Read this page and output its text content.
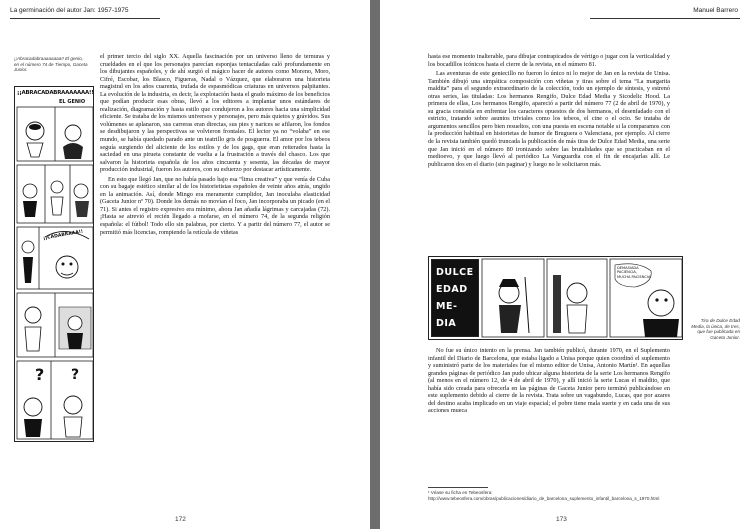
La germinación del autor Jan: 1957-1975
¡¡Abracadabraaaaaaaa!! El genio, en el número 74 de Tiempo, Gaceta Junior.
¡¡ABRACADABRAAAAAAA!!
EL GENIO
¡¡CADABRAAA!!
? ?

el primer tercio del siglo XX. Aquella fascinación por un universo lleno de ternuras y crueldades en el que los personajes parecían esponjas tentaculadas caló profundamente en los dibujantes españoles, y de ahí surgió el mágico hacer de autores como Moreno, Moro, Cifré, Escobar, los Blasco, Figueras, Nadal o Vázquez, que elaboraron una historieta magistral en los años cuarenta, trufada de espasmódicas criaturas en universos palpitantes. La evolución de la industria, es decir, la explotación hasta el grado máximo de los beneficios que podían producir esas obras, llevó a los editores a implantar unos estándares de realización, diagramación y hasta estilo que condujeron a los autores hacia una simplicidad eficiente. Se trataba de los mismos universos y personajes, pero más quietos y grávidos. Sus volúmenes se aplanaron, sus carreras eran directas, sus pies y narices se afilaron, los fondos se desdibujaron y las perspectivas se volvieron frontales. El lector ya no “volaba” en ese mundo, se había quedado parado ante un teatrillo gris de posguerra. El amor por los tebeos seguía surgiendo del aliciente de los estilos y de los gags, que eran reiterados hasta la saciedad en una pirueta constante de vuelta a la frustración a través del chasco. Los que salvaron la historieta española de los años cincuenta y sesenta, las décadas de mayor producción industrial, fueron los autores, con su esfuerzo por destacar artísticamente.

En esto que llegó Jan, que no había pasado bajo esa “lima creativa” y que venía de Cuba con su bagaje estético similar al de los historietistas españoles de veinte años atrás, ungido en la animación. Así, donde Mingo era meramente cumplidor, Jan inoculaba elasticidad (Gaceta Junior nº 70). Donde los demás no movían el foco, Jan incorporaba un picado (en el 71). Si antes el registro expresivo era mínimo, ahora Jan añadía lágrimas y carcajadas (72). ¡Hasta se atrevió el recién llegado a mofarse, en el número 74, de la segunda religión española: el fútbol! Todo ello sin palabras, por cierto. Y a partir del número 77, el autor se permitió más licencias, rompiendo la retícula de viñetas

172
Manuel Barrero

hasta ese momento inalterable, para dibujar contrapicados de vértigo o jugar con la verticalidad y los bocadillos icónicos hasta el cierre de la revista, en el número 81.

Las aventuras de este geniecillo no fueron lo único ni lo mejor de Jan en la revista de Unisa. También dibujó una simpática composición con viñetas y tiras sobre el tema “La margarita maldita” para el segundo extraordinario de la colección, todo un ejemplo de síntesis, y estrenó otras series, las tituladas: Los hermanos Rengifo, Dulce Edad Media y Sicodelic Hood. La primera de ellas, Los hermanos Rengifo, apareció a partir del número 77 (2 de abril de 1970), y su gracia consistía en enfrentar los caracteres opuestos de dos hermanos, el desenfadado con el estricto, tratando sobre asuntos triviales como los tebeos, el cine o el ocio. Se trataba de argumentos sencillos pero bien resueltos, con una puesta en escena notable si la comparamos con la producción habitual en historietas de humor de Bruguera o Valenciana, por ejemplo. Al cierre de la revista también quedó truncada la publicación de más tiras de Dulce Edad Media, una serie que Jan inició en el número 80 ironizando sobre las brutalidades que se practicaban en el medioevo, y que luego llevó al periódico La Vanguardia con el fin de encajarlas allí. Le publicaron dos en el diario (sin paginar) y luego no le solicitaron más.

DULCE
EDAD
ME-
DIA
DEMASIADA PACIENCIA, MUCHA PACIENCIA
Tira de Dulce Edad Media, la única, de tres, que fue publicada en Gaceta Junior.

No fue su único intento en la prensa. Jan también publicó, durante 1970, en el Suplemento infantil del Diario de Barcelona, que estaba ligado a Unisa porque quien coordinó el suplemento y suministró parte de los materiales fue el mismo editor de Unisa, Antonio Martín¹. En aquellas grandes páginas de periódico Jan pudo ubicar alguna historieta de la serie Los hermanos Rengifo (al menos en el número 12, de 4 de abril de 1970), y allí inició la serie Lucas el maldito, que había sido creada para ofrecerla en las páginas de Gaceta Junior pero terminó publicándose en este suplemento debido al cierre de la revista. Trata sobre un vagabundo, Lucas, que por azares del destino acaba implicado en un viaje espacial; el pobre tiene mala suerte y en cada una de sus acciones mueca

¹ Véase su ficha en Tebeosfera: http://www.tebeosfera.com/obras/publicaciones/diario_de_barcelona_suplemento_infantil_barcelona_s_1970.html
173
